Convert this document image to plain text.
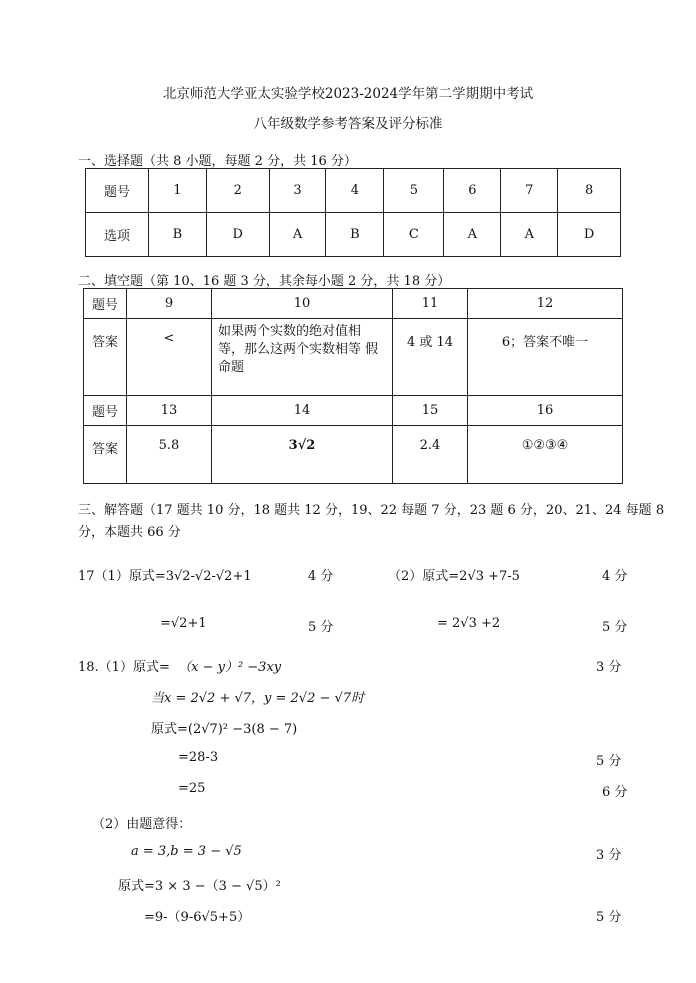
北京师范大学亚太实验学校2023-2024学年第二学期期中考试
八年级数学参考答案及评分标准
一、选择题（共 8 小题，每题 2 分，共 16 分）
题号	1	2	3	4	5	6	7	8
选项	B	D	A	B	C	A	A	D
二、填空题（第 10、16 题 3 分，其余每小题 2 分，共 18 分）
题号	9	10	11	12
答案	<	如果两个实数的绝对值相等，那么这两个实数相等 假命题	4 或 14	6；答案不唯一
题号	13	14	15	16
答案	5.8	3√2	2.4	①②③④
三、解答题（17 题共 10 分，18 题共 12 分，19、22 每题 7 分，23 题 6 分，20、21、24 每题 8
分，本题共 66 分
17（1）原式=3√2-√2-√2+1	4 分	（2）原式=2√3 +7-5	4 分
=√2+1	5 分	= 2√3 +2	5 分
18.（1）原式= （x − y）² −3xy	3 分
当x = 2√2 + √7，y = 2√2 − √7时
原式=(2√7)² −3(8 − 7)
=28-3	5 分
=25	6 分
（2）由题意得：
a = 3,b = 3 − √5	3 分
原式=3 × 3 −（3 − √5）²
=9-（9-6√5+5）	5 分
